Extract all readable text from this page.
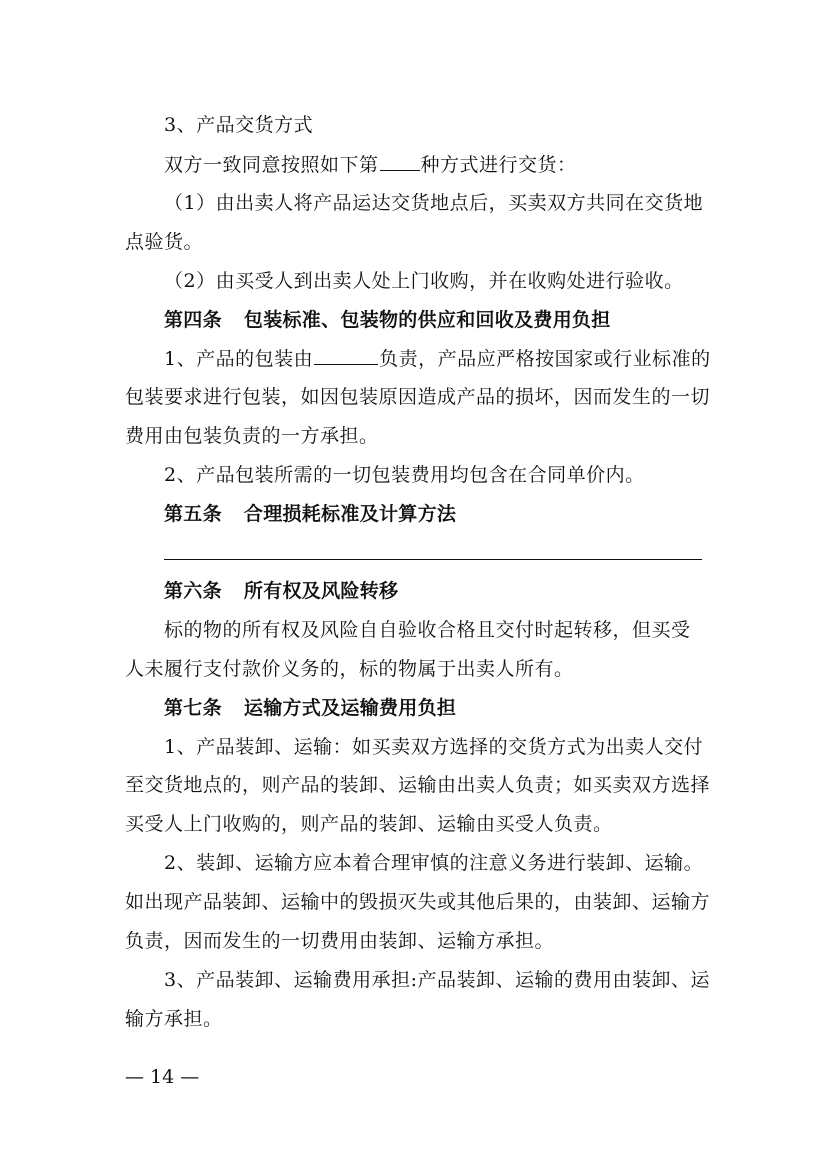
3、产品交货方式
双方一致同意按照如下第 种方式进行交货：
（1）由出卖人将产品运达交货地点后，买卖双方共同在交货地
点验货。
（2）由买受人到出卖人处上门收购，并在收购处进行验收。
第四条 包装标准、包装物的供应和回收及费用负担
1、产品的包装由	负责，产品应严格按国家或行业标准的
包装要求进行包装，如因包装原因造成产品的损坏，因而发生的一切
费用由包装负责的一方承担。
2、产品包装所需的一切包装费用均包含在合同单价内。
第五条 合理损耗标准及计算方法
第六条 所有权及风险转移
标的物的所有权及风险自自验收合格且交付时起转移，但买受
人未履行支付款价义务的，标的物属于出卖人所有。
第七条 运输方式及运输费用负担
1、产品装卸、运输：如买卖双方选择的交货方式为出卖人交付
至交货地点的，则产品的装卸、运输由出卖人负责；如买卖双方选择
买受人上门收购的，则产品的装卸、运输由买受人负责。
2、装卸、运输方应本着合理审慎的注意义务进行装卸、运输。
如出现产品装卸、运输中的毁损灭失或其他后果的，由装卸、运输方
负责，因而发生的一切费用由装卸、运输方承担。
3、产品装卸、运输费用承担:产品装卸、运输的费用由装卸、运
输方承担。
— 14 —
